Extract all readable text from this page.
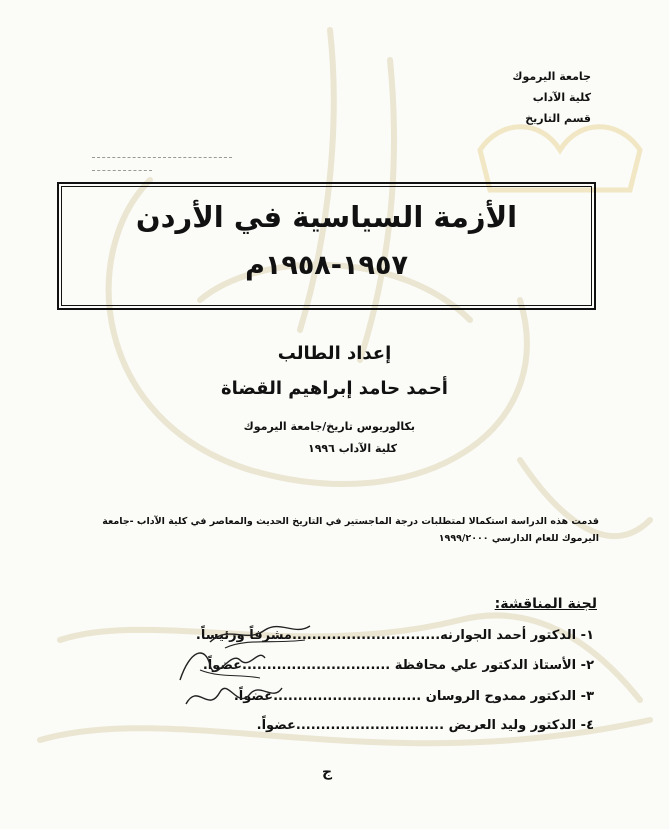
جامعة اليرموك
كلية الآداب
قسم التاريخ
الأزمة السياسية في الأردن
١٩٥٧-١٩٥٨م
إعداد الطالب
أحمد حامد إبراهيم القضاة
بكالوريوس تاريخ/جامعة اليرموك
كلية الآداب ١٩٩٦
قدمت هذه الدراسة استكمالا لمتطلبات درجة الماجستير في التاريخ الحديث والمعاصر في كلية الآداب -جامعة
اليرموك للعام الدارسي ١٩٩٩/٢٠٠٠
لجنة المناقشة:
١- الدكتور أحمد الجوارنه..............................مشرفاً ورئيساً.
٢- الأستاذ الدكتور علي محافظة ..............................عضواً.
٣- الدكتور ممدوح الروسان ..............................عضواً.
٤- الدكتور وليد العريض ..............................عضواً.
ج
